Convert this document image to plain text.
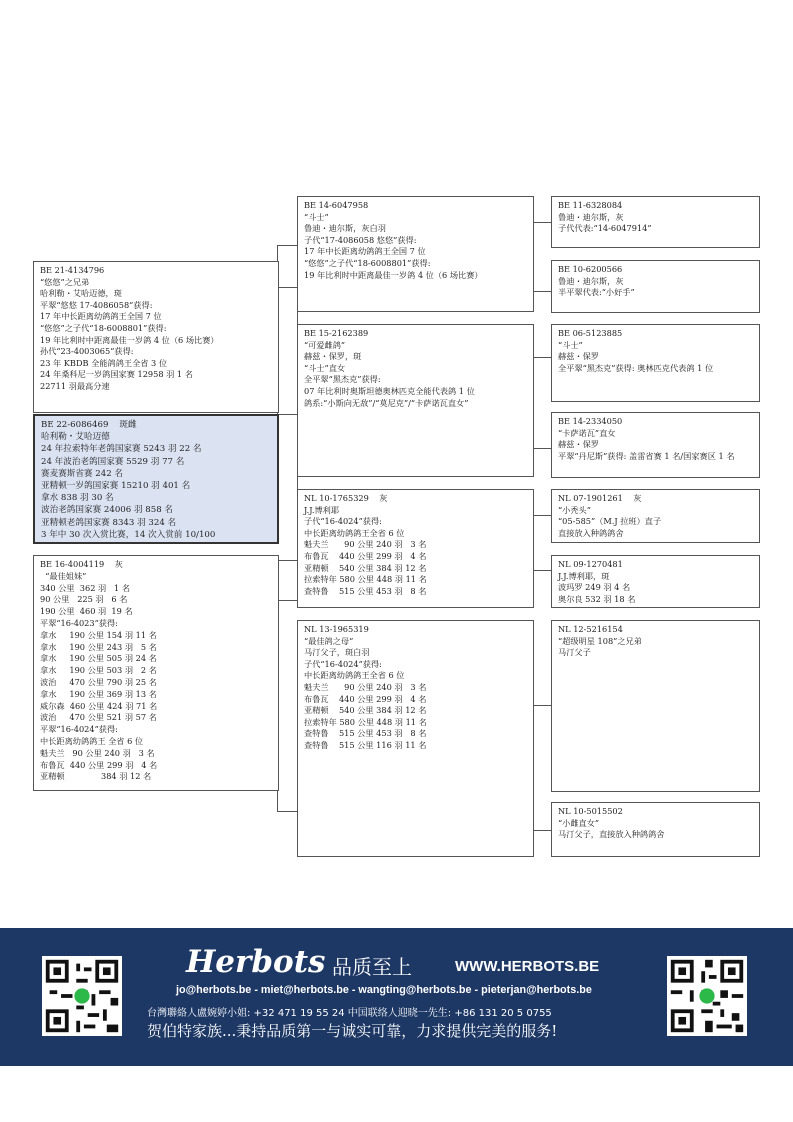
BE 21-4134796
“悠悠”之兄弟
哈利勒・艾哈迈德，斑
平翠“悠悠 17-4086058”获得:
17 年中长距离幼鸽鸽王全国 7 位
“悠悠”之子代“18-6008801”获得:
19 年比利时中距离最佳一岁鸽 4 位（6 场比赛）
孙代“23-4003065”获得:
23 年 KBDB 全能鸽鸽王全省 3 位
24 年桑科尼一岁鸽国家赛 12958 羽 1 名
22711 羽最高分速
BE 22-6086469    斑雌
哈利勒・艾哈迈德
24 年拉索特年老鸽国家赛 5243 羽 22 名
24 年波治老鸽国家赛 5529 羽 77 名
赛麦赛斯省赛 242 名
亚精顿一岁鸽国家赛 15210 羽 401 名
拿水 838 羽 30 名
波治老鸽国家赛 24006 羽 858 名
亚精顿老鸽国家赛 8343 羽 324 名
3 年中 30 次入赏比赛，14 次入赏前 10/100
BE 16-4004119    灰
“最佳姐妹”
340 公里  362 羽   1 名
90 公里   225 羽   6 名
190 公里  460 羽  19 名
平翠“16-4023”获得:
拿水     190 公里 154 羽 11 名
拿水     190 公里 243 羽   5 名
拿水     190 公里 505 羽 24 名
拿水     190 公里 503 羽   2 名
波治     470 公里 790 羽 25 名
拿水     190 公里 369 羽 13 名
威尔森  460 公里 424 羽 71 名
波治     470 公里 521 羽 57 名
平翠“16-4024”获得:
中长距离幼鸽鸽王 全省 6 位
魁夫兰   90 公里 240 羽   3 名
布鲁瓦  440 公里 299 羽   4 名
亚精顿              384 羽 12 名
BE 14-6047958
“斗士”
鲁迪・迪尔斯，灰白羽
子代“17-4086058 悠悠”获得:
17 年中长距离幼鸽鸽王全国 7 位
“悠悠”之子代“18-6008801”获得:
19 年比利时中距离最佳一岁鸽 4 位（6 场比赛）
BE 15-2162389
“可爱雌鸽”
赫兹・保罗，斑
“斗士”直女
全平翠“黑杰克”获得:
07 年比利时奥斯坦德奥林匹克全能代表鸽 1 位
鸽系:“小斯向无敌”/“莫尼克”/“卡萨诺瓦直女”
NL 10-1765329    灰
J.J.博利耶
子代“16-4024”获得:
中长距离幼鸽鸽王全省 6 位
魁夫兰      90 公里 240 羽   3 名
布鲁瓦    440 公里 299 羽   4 名
亚精顿    540 公里 384 羽 12 名
拉索特年 580 公里 448 羽 11 名
查特鲁    515 公里 453 羽   8 名
NL 13-1965319
“最佳鸽之母”
马汀父子，斑白羽
子代“16-4024”获得:
中长距离幼鸽鸽王全省 6 位
魁夫兰      90 公里 240 羽   3 名
布鲁瓦    440 公里 299 羽   4 名
亚精顿    540 公里 384 羽 12 名
拉索特年 580 公里 448 羽 11 名
查特鲁    515 公里 453 羽   8 名
查特鲁    515 公里 116 羽 11 名
BE 11-6328084
鲁迪・迪尔斯，灰
子代代表:“14-6047914”
BE 10-6200566
鲁迪・迪尔斯，灰
半平翠代表:“小好手”
BE 06-5123885
“斗士”
赫兹・保罗
全平翠“黑杰克”获得: 奥林匹克代表鸽 1 位
BE 14-2334050
“卡萨诺瓦”直女
赫兹・保罗
平翠“丹尼斯”获得: 盖雷省赛 1 名/国家赛区 1 名
NL 07-1901261    灰
“小秃头”
“05-585”（M.J 拉班）直子
直接放入种鸽鸽舍
NL 09-1270481
J.J.博利耶，斑
波玛罗 249 羽 4 名
奥尔良 532 羽 18 名
NL 12-5216154
“超级明星 108”之兄弟
马汀父子
NL 10-5015502
“小雌直女”
马汀父子，直接放入种鸽鸽舍
Herbots 品质至上	WWW.HERBOTS.BE
jo@herbots.be - miet@herbots.be - wangting@herbots.be - pieterjan@herbots.be
台灣聯絡人盧婉婷小姐: +32 471 19 55 24 中国联络人迎晓一先生: +86 131 20 5 0755
贺伯特家族...秉持品质第一与诚实可靠，力求提供完美的服务!
